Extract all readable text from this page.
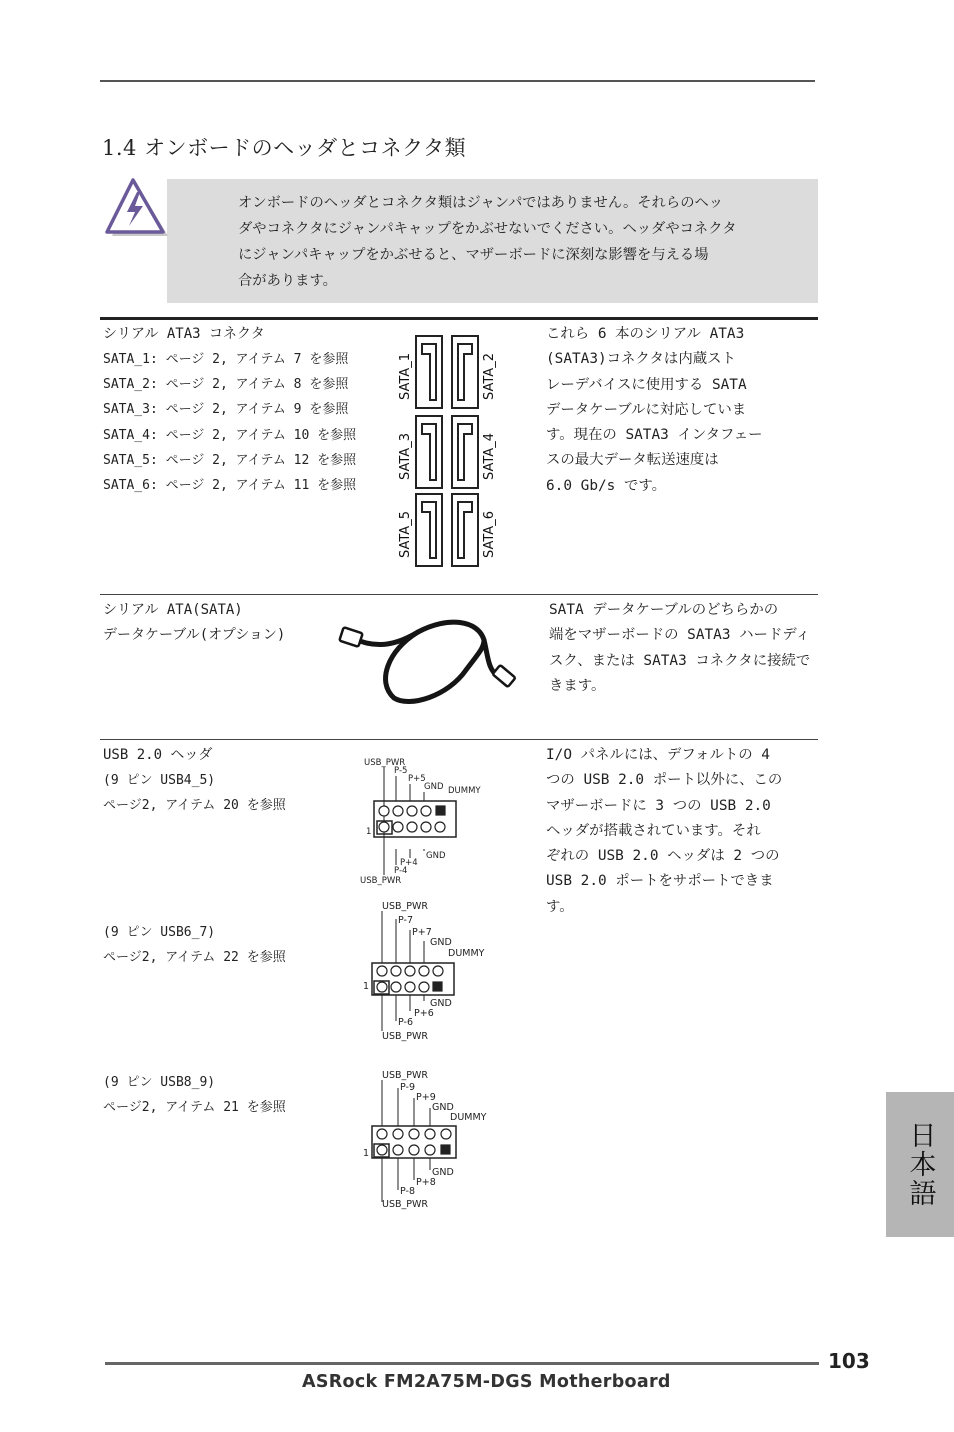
1.4 オンボードのヘッダとコネクタ類
オンボードのヘッダとコネクタ類はジャンパではありません。それらのヘッ
ダやコネクタにジャンパキャップをかぶせないでください。ヘッダやコネクタ
にジャンパキャップをかぶせると、マザーボードに深刻な影響を与える場
合があります。
シリアル ATA3 コネクタ
SATA_1: ページ 2, アイテム 7 を参照
SATA_2: ページ 2, アイテム 8 を参照
SATA_3: ページ 2, アイテム 9 を参照
SATA_4: ページ 2, アイテム 10 を参照
SATA_5: ページ 2, アイテム 12 を参照
SATA_6: ページ 2, アイテム 11 を参照
SATA_1	SATA_2
SATA_3	SATA_4
SATA_5	SATA_6
これら 6 本のシリアル ATA3
(SATA3)コネクタは内蔵スト
レーデバイスに使用する SATA
データケーブルに対応していま
す。現在の SATA3 インタフェー
スの最大データ転送速度は
6.0 Gb/s です。
シリアル ATA(SATA)
データケーブル(オプション)
SATA データケーブルのどちらかの
端をマザーボードの SATA3 ハードディ
スク、または SATA3 コネクタに接続で
きます。
USB 2.0 ヘッダ
(9 ピン USB4_5)
ページ2, アイテム 20 を参照
(9 ピン USB6_7)
ページ2, アイテム 22 を参照
(9 ピン USB8_9)
ページ2, アイテム 21 を参照
USB_PWR
P-5
P+5
GND DUMMY
GND
P+4
P-4
USB_PWR
1
USB_PWR
P-7
P+7
GND
DUMMY
GND
P+6
P-6
USB_PWR
1
USB_PWR
P-9
P+9
GND
DUMMY
GND
P+8
P-8
USB_PWR
1
I/O パネルには、デフォルトの 4
つの USB 2.0 ポート以外に、この
マザーボードに 3 つの USB 2.0
ヘッダが搭載されています。それ
ぞれの USB 2.0 ヘッダは 2 つの
USB 2.0 ポートをサポートできま
す。
日本語
103
ASRock FM2A75M-DGS Motherboard
